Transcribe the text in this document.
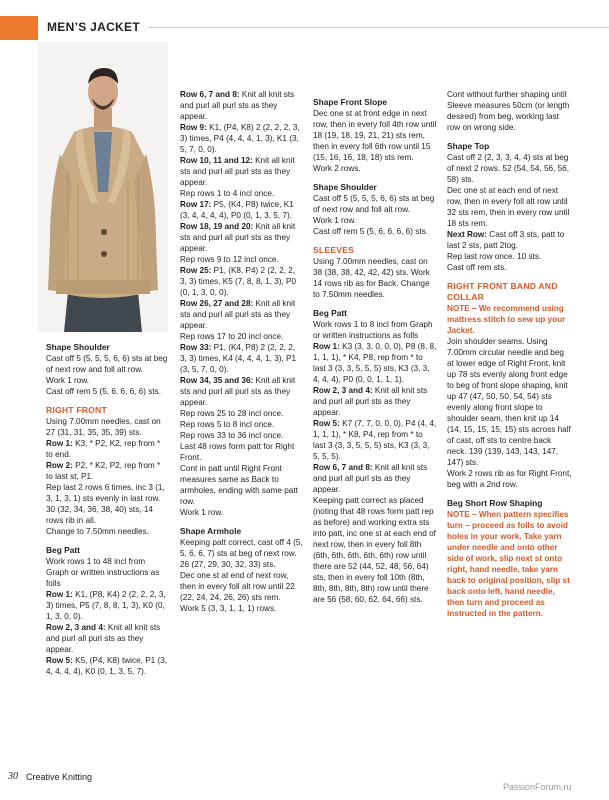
MEN’S JACKET

Shape Shoulder

Cast off 5 (5, 5, 5, 6, 6) sts at beg of next row and foll alt row.

Work 1 row.

Cast off rem 5 (5, 6, 6, 6, 6) sts.

RIGHT FRONT

Using 7.00mm needles, cast on 27 (31, 31, 35, 35, 39) sts.

Row 1: K3, * P2, K2, rep from * to end.

Row 2: P2, * K2, P2, rep from * to last st, P1.

Rep last 2 rows 6 times, inc 3 (1, 3, 1, 3, 1) sts evenly in last row. 30 (32, 34, 36, 38, 40) sts, 14 rows rib in all.

Change to 7.50mm needles.

Beg Patt

Work rows 1 to 48 incl from Graph or written instructions as folls

Row 1: K1, (P8, K4) 2 (2, 2, 2, 3, 3) times, P5 (7, 8, 8, 1, 3), K0 (0, 1, 3, 0, 0).

Row 2, 3 and 4: Knit all knit sts and purl all purl sts as they appear.

Row 5: K5, (P4, K8) twice, P1 (3, 4, 4, 4, 4), K0 (0, 1, 3, 5, 7).

Row 6, 7 and 8: Knit all knit sts and purl all purl sts as they appear.

Row 9: K1, (P4, K8) 2 (2, 2, 2, 3, 3) times, P4 (4, 4, 4, 1, 3), K1 (3, 5, 7, 0, 0).

Row 10, 11 and 12: Knit all knit sts and purl all purl sts as they appear.

Rep rows 1 to 4 incl once.

Row 17: P5, (K4, P8) twice, K1 (3, 4, 4, 4, 4), P0 (0, 1, 3, 5, 7).

Row 18, 19 and 20: Knit all knit sts and purl all purl sts as they appear.

Rep rows 9 to 12 incl once.

Row 25: P1, (K8, P4) 2 (2, 2, 2, 3, 3) times, K5 (7, 8, 8, 1, 3), P0 (0, 1, 3, 0, 0).

Row 26, 27 and 28: Knit all knit sts and purl all purl sts as they appear.

Rep rows 17 to 20 incl once.

Row 33: P1, (K4, P8) 2 (2, 2, 2, 3, 3) times, K4 (4, 4, 4, 1, 3), P1 (3, 5, 7, 0, 0).

Row 34, 35 and 36: Knit all knit sts and purl all purl sts as they appear.

Rep rows 25 to 28 incl once.

Rep rows 5 to 8 incl once.

Rep rows 33 to 36 incl once.

Last 48 rows form patt for Right Front.

Cont in patt until Right Front measures same as Back to armholes, ending with same patt row.

Work 1 row.

Shape Armhole

Keeping patt correct, cast off 4 (5, 5, 6, 6, 7) sts at beg of next row. 26 (27, 29, 30, 32, 33) sts.

Dec one st at end of next row, then in every foll alt row until 22 (22, 24, 24, 26, 26) sts rem.

Work 5 (3, 3, 1, 1, 1) rows.

Shape Front Slope

Dec one st at front edge in next row, then in every foll 4th row until 18 (19, 18, 19, 21, 21) sts rem, then in every foll 6th row until 15 (15, 16, 16, 18, 18) sts rem.

Work 2 rows.

Shape Shoulder

Cast off 5 (5, 5, 5, 6, 6) sts at beg of next row and foll alt row.

Work 1 row.

Cast off rem 5 (5, 6, 6, 6, 6) sts.

SLEEVES

Using 7.00mm needles, cast on 38 (38, 38, 42, 42, 42) sts. Work 14 rows rib as for Back. Change to 7.50mm needles.

Beg Patt

Work rows 1 to 8 incl from Graph or written instructions as folls

Row 1: K3 (3, 3, 0, 0, 0), P8 (8, 8, 1, 1, 1), * K4, P8, rep from * to last 3 (3, 3, 5, 5, 5) sts, K3 (3, 3, 4, 4, 4), P0 (0, 0, 1, 1, 1).

Row 2, 3 and 4: Knit all knit sts and purl all purl sts as they appear.

Row 5: K7 (7, 7, 0, 0, 0), P4 (4, 4, 1, 1, 1), * K8, P4, rep from * to last 3 (3, 3, 5, 5, 5) sts, K3 (3, 3, 5, 5, 5).

Row 6, 7 and 8: Knit all knit sts and purl all purl sts as they appear.

Keeping patt correct as placed (noting that 48 rows form patt rep as before) and working extra sts into patt, inc one st at each end of next row, then in every foll 8th (6th, 6th, 6th, 6th, 6th) row until there are 52 (44, 52, 48, 56, 64) sts, then in every foll 10th (8th, 8th, 8th, 8th, 8th) row until there are 56 (58, 60, 62, 64, 66) sts.

Cont without further shaping until Sleeve measures 50cm (or length desired) from beg, working last row on wrong side.

Shape Top

Cast off 2 (2, 3, 3, 4, 4) sts at beg of next 2 rows. 52 (54, 54, 56, 56, 58) sts.

Dec one st at each end of next row, then in every foll alt row until 32 sts rem, then in every row until 18 sts rem.

Next Row: Cast off 3 sts, patt to last 2 sts, patt 2tog.

Rep last row once. 10 sts.

Cast off rem sts.

RIGHT FRONT BAND AND COLLAR

NOTE – We recommend using mattress stitch to sew up your Jacket.

Join shoulder seams. Using 7.00mm circular needle and beg at lower edge of Right Front, knit up 78 sts evenly along front edge to beg of front slope shaping, knit up 47 (47, 50, 50, 54, 54) sts evenly along front slope to shoulder seam, then knit up 14 (14, 15, 15, 15, 15) sts across half of cast, off sts to centre back neck. 139 (139, 143, 143, 147, 147) sts.

Work 2 rows rib as for Right Front, beg with a 2nd row.

Beg Short Row Shaping

NOTE – When pattern specifies turn – proceed as folls to avoid holes in your work. Take yarn under needle and onto other side of work, slip next st onto right, hand needle, take yarn back to original position, slip st back onto left, hand needle, then turn and proceed as instructed in the pattern.

30 Creative Knitting
PassionForum.ru
